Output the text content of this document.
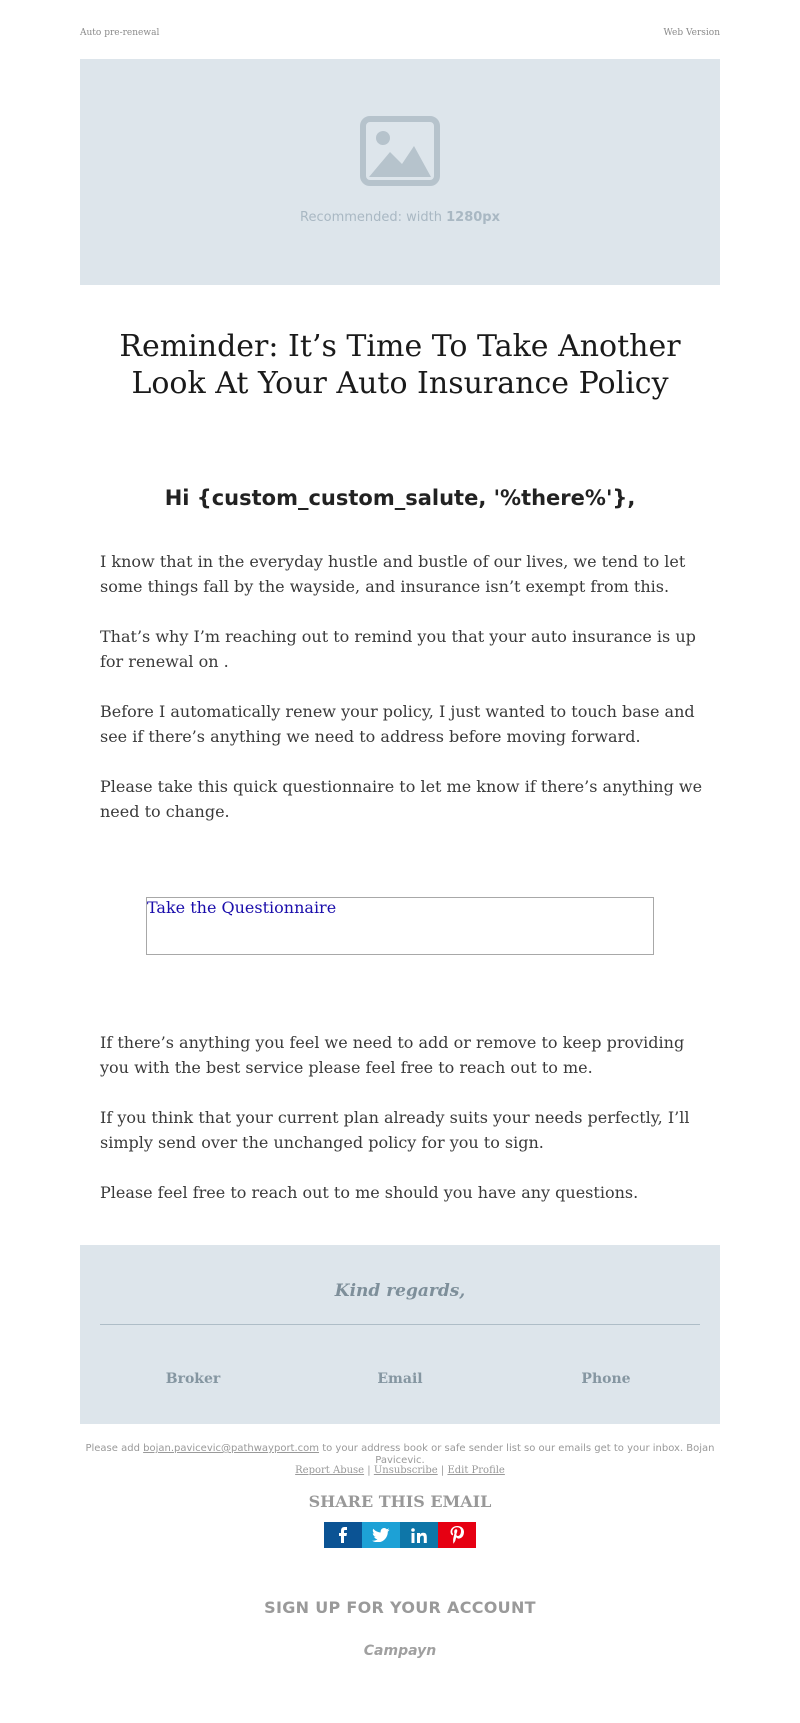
Auto pre-renewal	Web Version
Recommended: width 1280px
Reminder: It’s Time To Take Another Look At Your Auto Insurance Policy
Hi {custom_custom_salute, '%there%'},

I know that in the everyday hustle and bustle of our lives, we tend to let some things fall by the wayside, and insurance isn’t exempt from this.

That’s why I’m reaching out to remind you that your auto insurance is up for renewal on .

Before I automatically renew your policy, I just wanted to touch base and see if there’s anything we need to address before moving forward.

Please take this quick questionnaire to let me know if there’s anything we need to change.

Take the Questionnaire

If there’s anything you feel we need to add or remove to keep providing you with the best service please feel free to reach out to me.

If you think that your current plan already suits your needs perfectly, I’ll simply send over the unchanged policy for you to sign.

Please feel free to reach out to me should you have any questions.

Kind regards,
Broker	Email	Phone
Please add bojan.pavicevic@pathwayport.com to your address book or safe sender list so our emails get to your inbox. Bojan Pavicevic.
Report Abuse | Unsubscribe | Edit Profile
SHARE THIS EMAIL
SIGN UP FOR YOUR ACCOUNT
Campayn
